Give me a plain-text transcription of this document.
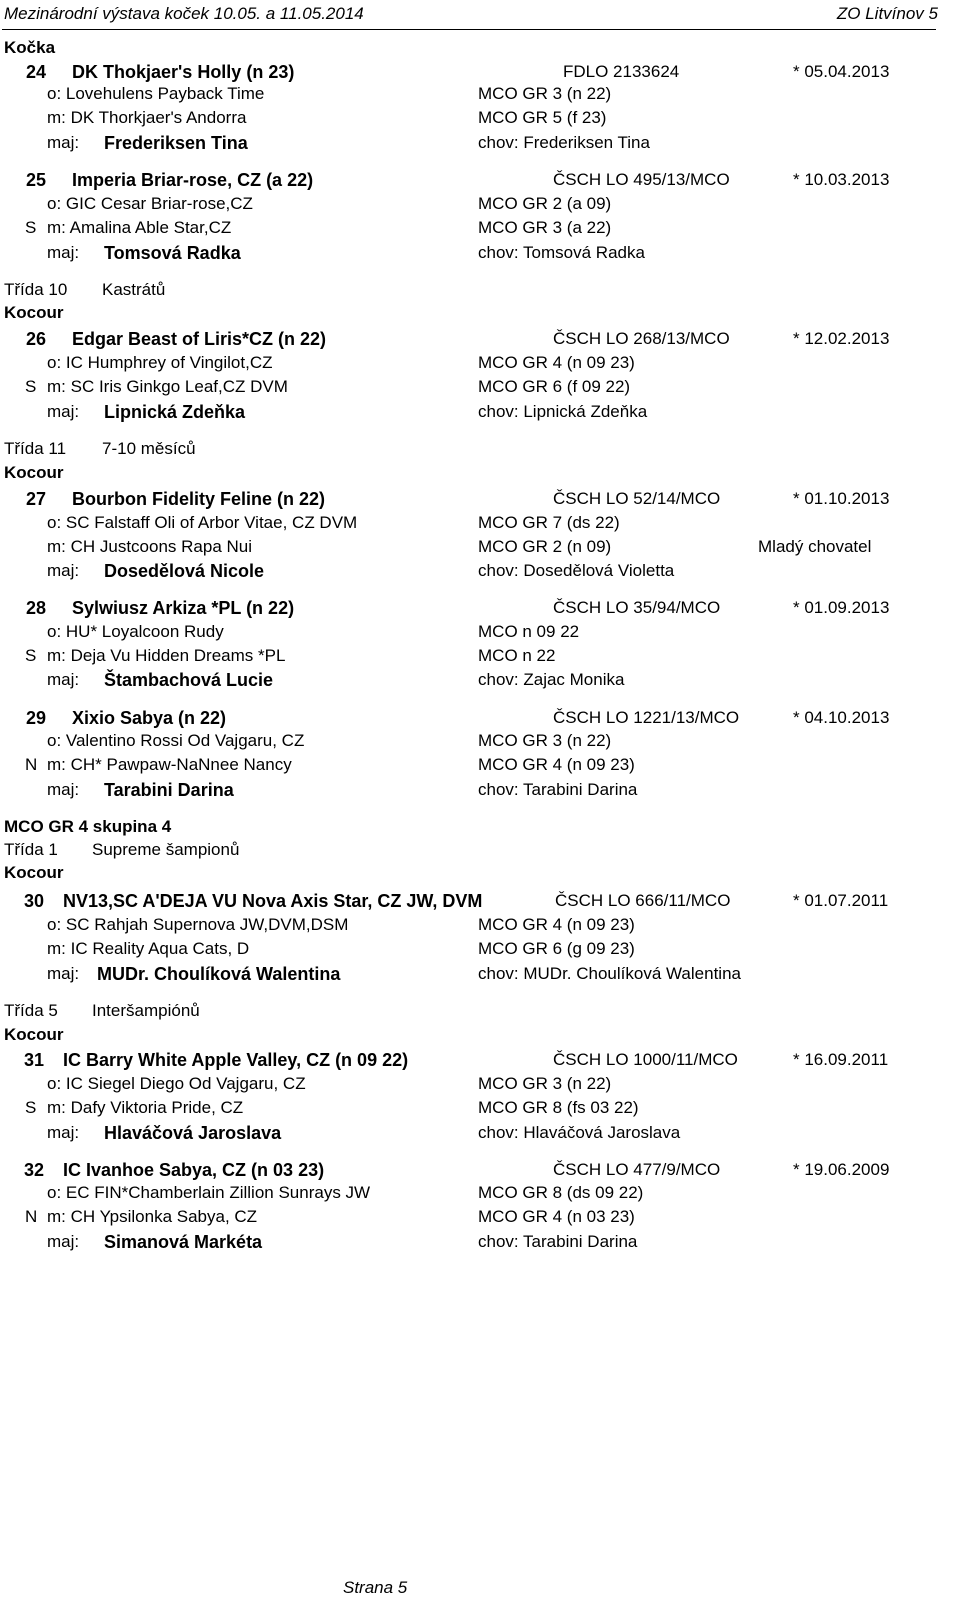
Mezinárodní výstava koček 10.05. a 11.05.2014	ZO Litvínov 5
Kočka
24 DK Thokjaer's Holly (n 23)	FDLO 2133624	* 05.04.2013
o: Lovehulens Payback Time	MCO GR 3 (n 22)
m: DK Thorkjaer's Andorra	MCO GR 5 (f 23)
maj: Frederiksen Tina	chov: Frederiksen Tina
25 Imperia Briar-rose, CZ (a 22)	ČSCH LO 495/13/MCO	* 10.03.2013
o: GIC Cesar Briar-rose,CZ	MCO GR 2 (a 09)
S m: Amalina Able Star,CZ	MCO GR 3 (a 22)
maj: Tomsová Radka	chov: Tomsová Radka
Třída 10 Kastrátů
Kocour
26 Edgar Beast of Liris*CZ (n 22)	ČSCH LO 268/13/MCO	* 12.02.2013
o: IC Humphrey of Vingilot,CZ	MCO GR 4 (n 09 23)
S m: SC Iris Ginkgo Leaf,CZ DVM	MCO GR 6 (f 09 22)
maj: Lipnická Zdeňka	chov: Lipnická Zdeňka
Třída 11 7-10 měsíců
Kocour
27 Bourbon Fidelity Feline (n 22)	ČSCH LO 52/14/MCO	* 01.10.2013
o: SC Falstaff Oli of Arbor Vitae, CZ DVM	MCO GR 7 (ds 22)
m: CH Justcoons Rapa Nui	MCO GR 2 (n 09)	Mladý chovatel
maj: Dosedělová Nicole	chov: Dosedělová Violetta
28 Sylwiusz Arkiza *PL (n 22)	ČSCH LO 35/94/MCO	* 01.09.2013
o: HU* Loyalcoon Rudy	MCO n 09 22
S m: Deja Vu Hidden Dreams *PL	MCO n 22
maj: Štambachová Lucie	chov: Zajac Monika
29 Xixio Sabya (n 22)	ČSCH LO 1221/13/MCO	* 04.10.2013
o: Valentino Rossi Od Vajgaru, CZ	MCO GR 3 (n 22)
N m: CH* Pawpaw-NaNnee Nancy	MCO GR 4 (n 09 23)
maj: Tarabini Darina	chov: Tarabini Darina
MCO GR 4 skupina 4
Třída 1 Supreme šampionů
Kocour
30 NV13,SC A'DEJA VU Nova Axis Star, CZ JW, DVM	ČSCH LO 666/11/MCO	* 01.07.2011
o: SC Rahjah Supernova JW,DVM,DSM	MCO GR 4 (n 09 23)
m: IC Reality Aqua Cats, D	MCO GR 6 (g 09 23)
maj: MUDr. Choulíková Walentina	chov: MUDr. Choulíková Walentina
Třída 5 Interšampiónů
Kocour
31 IC Barry White Apple Valley, CZ (n 09 22)	ČSCH LO 1000/11/MCO	* 16.09.2011
o: IC Siegel Diego Od Vajgaru, CZ	MCO GR 3 (n 22)
S m: Dafy Viktoria Pride, CZ	MCO GR 8 (fs 03 22)
maj: Hlaváčová Jaroslava	chov: Hlaváčová Jaroslava
32 IC Ivanhoe Sabya, CZ (n 03 23)	ČSCH LO 477/9/MCO	* 19.06.2009
o: EC FIN*Chamberlain Zillion Sunrays JW	MCO GR 8 (ds 09 22)
N m: CH Ypsilonka Sabya, CZ	MCO GR 4 (n 03 23)
maj: Simanová Markéta	chov: Tarabini Darina
Strana 5
